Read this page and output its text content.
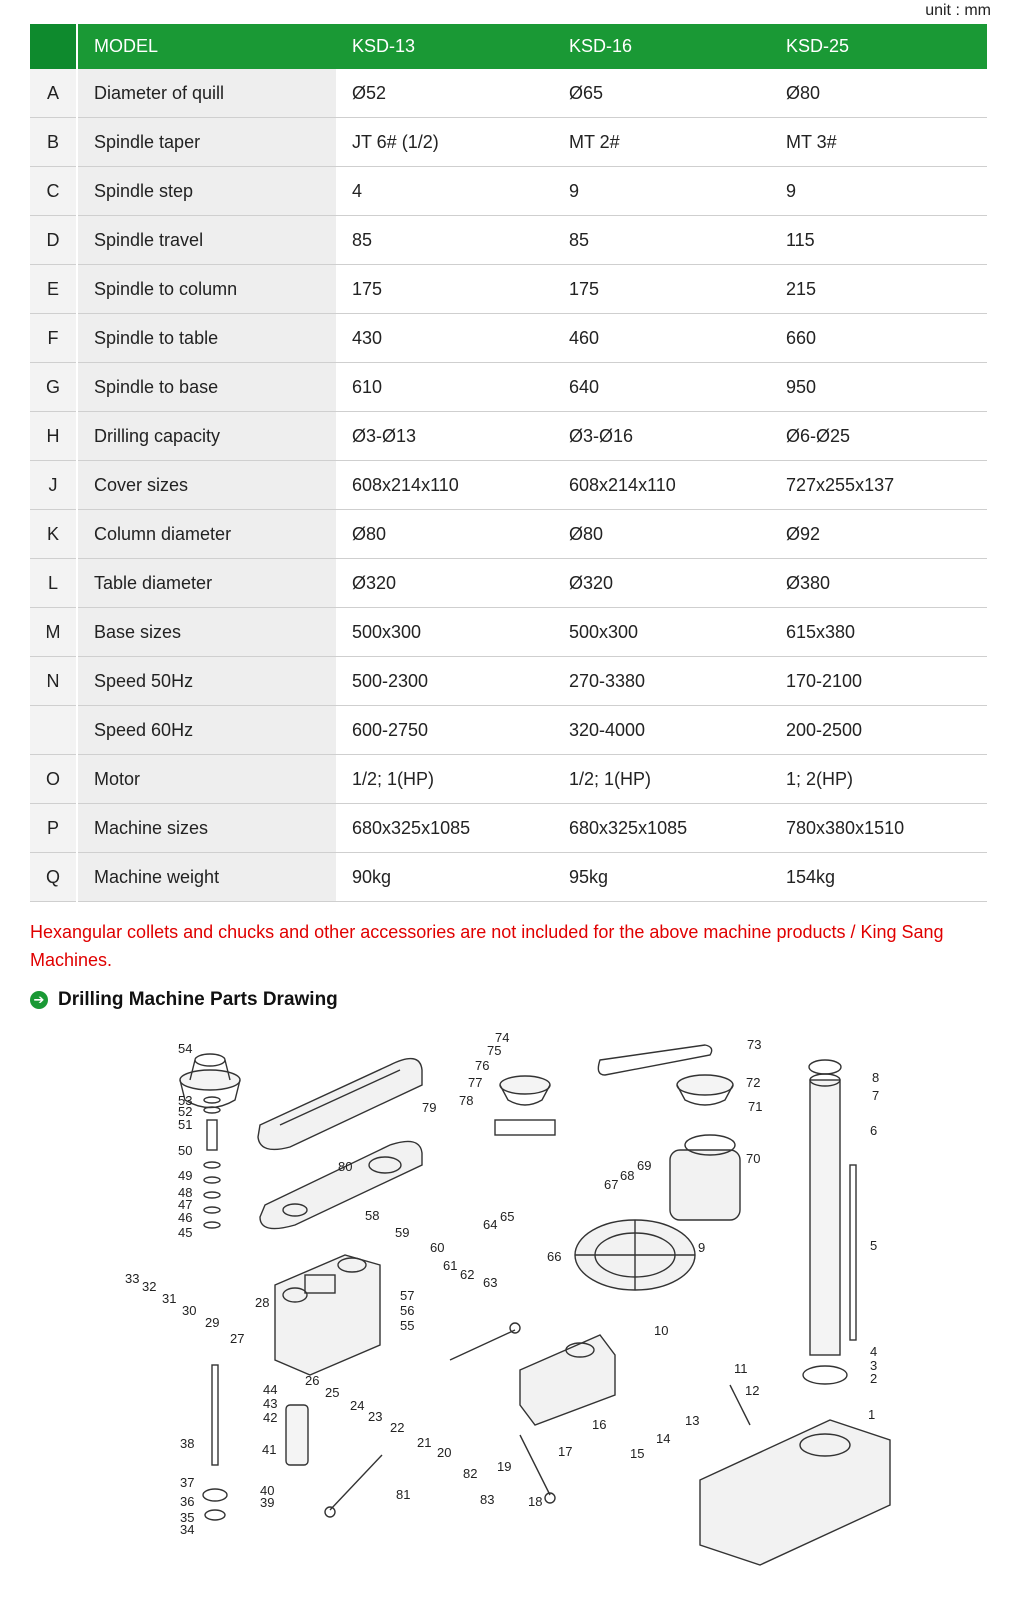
unit : mm
	MODEL	KSD-13	KSD-16	KSD-25
A	Diameter of quill	Ø52	Ø65	Ø80
B	Spindle taper	JT 6# (1/2)	MT 2#	MT 3#
C	Spindle step	4	9	9
D	Spindle travel	85	85	115
E	Spindle to column	175	175	215
F	Spindle to table	430	460	660
G	Spindle to base	610	640	950
H	Drilling capacity	Ø3-Ø13	Ø3-Ø16	Ø6-Ø25
J	Cover sizes	608x214x110	608x214x110	727x255x137
K	Column diameter	Ø80	Ø80	Ø92
L	Table diameter	Ø320	Ø320	Ø380
M	Base sizes	500x300	500x300	615x380
N	Speed 50Hz	500-2300	270-3380	170-2100
	Speed 60Hz	600-2750	320-4000	200-2500
O	Motor	1/2; 1(HP)	1/2; 1(HP)	1; 2(HP)
P	Machine sizes	680x325x1085	680x325x1085	780x380x1510
Q	Machine weight	90kg	95kg	154kg
Hexangular collets and chucks and other accessories are not included for the above machine products / King Sang Machines.
➔ Drilling Machine Parts Drawing
54
53
52
51
50
49
48
47
46
45
33
32
31
30
29
28
27
26
25
24
23
22
21
20
44
43
42
41
38
37
36
35
34
40
39
57
56
55
79
80
58
59
60
61
62
63
64
65
66
74
75
76
77
78
73
72
71
70
69
68
67
9
8
7
6
5
4
3
2
1
10
11
12
13
14
15
16
17
18
19
82
81	83
